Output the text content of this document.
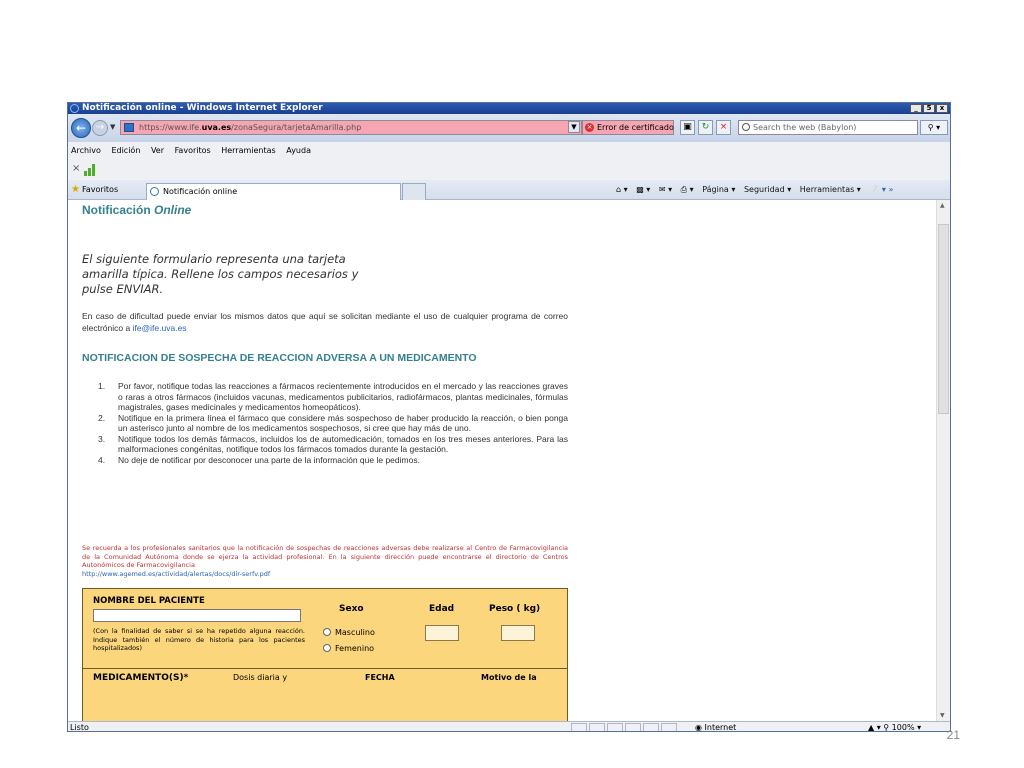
Notificación online - Windows Internet Explorer	_	5	x
← → ▼	https://www.ife.uva.es/zonaSegura/tarjetaAmarilla.php	▼	× Error de certificado	▣	↻	×	Search the web (Babylon)	⚲ ▾
Archivo Edición Ver Favoritos Herramientas Ayuda
×
★ Favoritos	Notificación online	⌂ ▾ ▩ ▾ ✉ ▾ ⎙ ▾ Página ▾ Seguridad ▾ Herramientas ▾ ❔ ▾ »
Notificación Online
El siguiente formulario representa una tarjeta amarilla típica. Rellene los campos necesarios y pulse ENVIAR.
En caso de dificultad puede enviar los mismos datos que aquí se solicitan mediante el uso de cualquier programa de correo electrónico a ife@ife.uva.es
NOTIFICACION DE SOSPECHA DE REACCION ADVERSA A UN MEDICAMENTO
1. Por favor, notifique todas las reacciones a fármacos recientemente introducidos en el mercado y las reacciones graves o raras a otros fármacos (incluidos vacunas, medicamentos publicitarios, radiofármacos, plantas medicinales, fórmulas magistrales, gases medicinales y medicamentos homeopáticos).
2. Notifique en la primera línea el fármaco que considere más sospechoso de haber producido la reacción, o bien ponga un asterisco junto al nombre de los medicamentos sospechosos, si cree que hay más de uno.
3. Notifique todos los demás fármacos, incluidos los de automedicación, tomados en los tres meses anteriores. Para las malformaciones congénitas, notifique todos los fármacos tomados durante la gestación.
4. No deje de notificar por desconocer una parte de la información que le pedimos.
Se recuerda a los profesionales sanitarios que la notificación de sospechas de reacciones adversas debe realizarse al Centro de Farmacovigilancia de la Comunidad Autónoma donde se ejerza la actividad profesional. En la siguiente dirección puede encontrarse el directorio de Centros Autonómicos de Farmacovigilancia
http://www.agemed.es/actividad/alertas/docs/dir-serfv.pdf
NOMBRE DEL PACIENTE
(Con la finalidad de saber si se ha repetido alguna reacción. Indique también el número de historia para los pacientes hospitalizados)
Sexo	Edad	Peso ( kg)
Masculino
Femenino
MEDICAMENTO(S)*	Dosis diaria y	FECHA	Motivo de la
▲
▼
Listo	◉ Internet	▲ ▾ ⚲ 100% ▾
21
